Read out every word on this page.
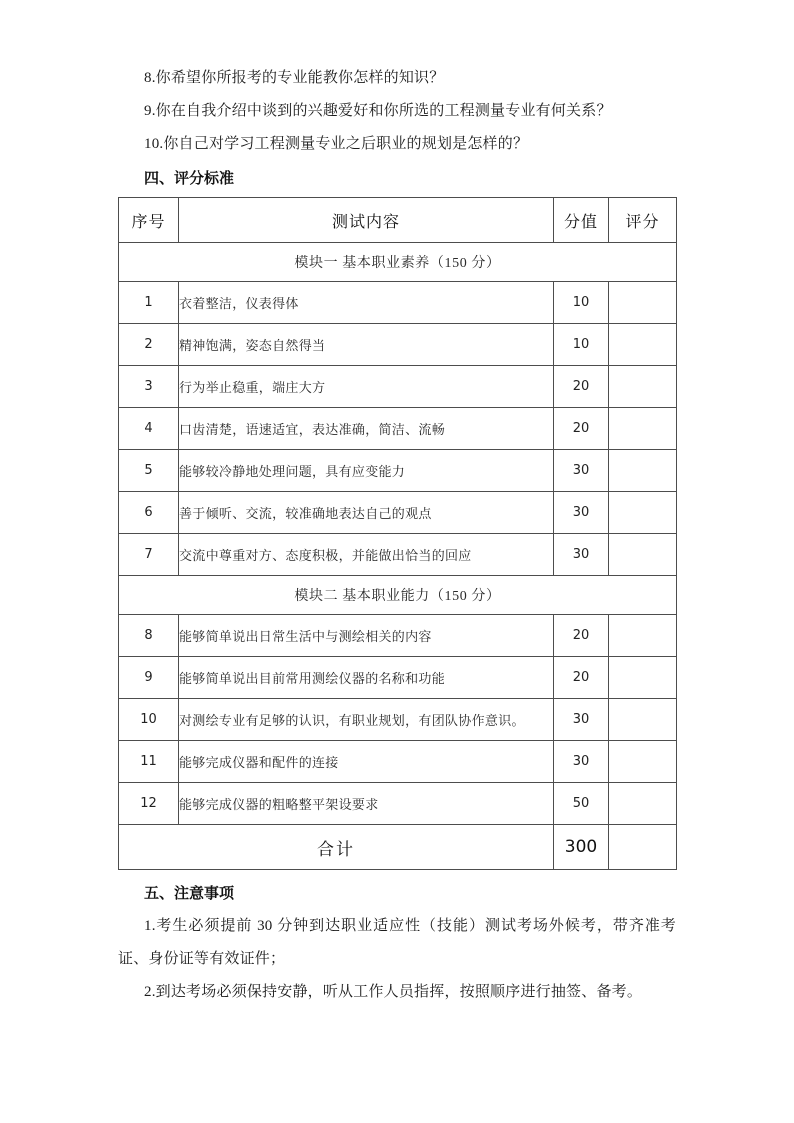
8.你希望你所报考的专业能教你怎样的知识？
9.你在自我介绍中谈到的兴趣爱好和你所选的工程测量专业有何关系？
10.你自己对学习工程测量专业之后职业的规划是怎样的？
四、评分标准
序号	测试内容	分值	评分
模块一 基本职业素养（150 分）			
1	衣着整洁，仪表得体	10	
2	精神饱满，姿态自然得当	10	
3	行为举止稳重，端庄大方	20	
4	口齿清楚，语速适宜，表达准确，简洁、流畅	20	
5	能够较冷静地处理问题，具有应变能力	30	
6	善于倾听、交流，较准确地表达自己的观点	30	
7	交流中尊重对方、态度积极，并能做出恰当的回应	30	
模块二 基本职业能力（150 分）			
8	能够简单说出日常生活中与测绘相关的内容	20	
9	能够简单说出目前常用测绘仪器的名称和功能	20	
10	对测绘专业有足够的认识，有职业规划，有团队协作意识。	30	
11	能够完成仪器和配件的连接	30	
12	能够完成仪器的粗略整平架设要求	50	
合计		300	
五、注意事项
1.考生必须提前 30 分钟到达职业适应性（技能）测试考场外候考，带齐准考证、身份证等有效证件；
2.到达考场必须保持安静，听从工作人员指挥，按照顺序进行抽签、备考。
